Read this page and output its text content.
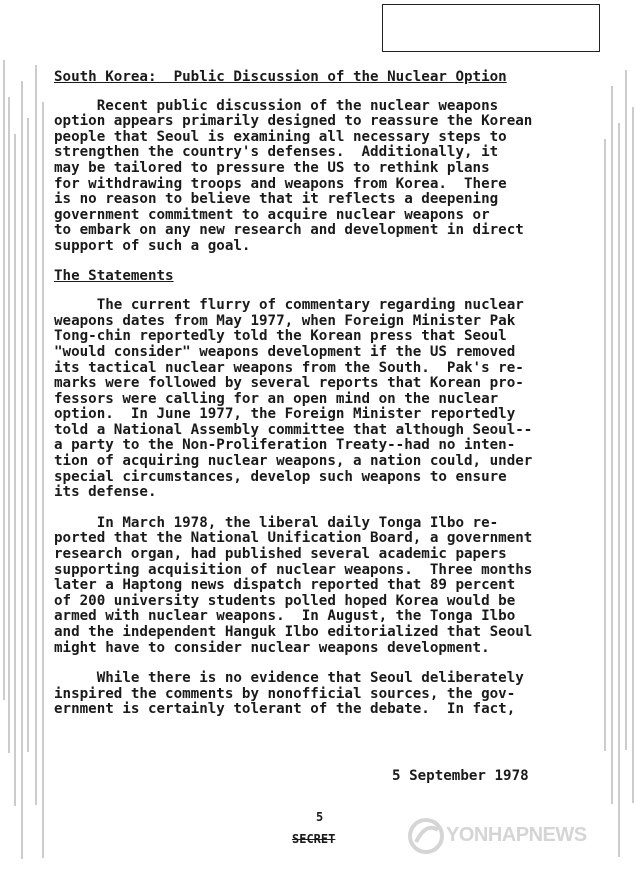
South Korea:  Public Discussion of the Nuclear Option
Recent public discussion of the nuclear weapons
option appears primarily designed to reassure the Korean
people that Seoul is examining all necessary steps to
strengthen the country's defenses.  Additionally, it
may be tailored to pressure the US to rethink plans
for withdrawing troops and weapons from Korea.  There
is no reason to believe that it reflects a deepening
government commitment to acquire nuclear weapons or
to embark on any new research and development in direct
support of such a goal.
The Statements
The current flurry of commentary regarding nuclear
weapons dates from May 1977, when Foreign Minister Pak
Tong-chin reportedly told the Korean press that Seoul
"would consider" weapons development if the US removed
its tactical nuclear weapons from the South.  Pak's re-
marks were followed by several reports that Korean pro-
fessors were calling for an open mind on the nuclear
option.  In June 1977, the Foreign Minister reportedly
told a National Assembly committee that although Seoul--
a party to the Non-Proliferation Treaty--had no inten-
tion of acquiring nuclear weapons, a nation could, under
special circumstances, develop such weapons to ensure
its defense.
In March 1978, the liberal daily Tonga Ilbo re-
ported that the National Unification Board, a government
research organ, had published several academic papers
supporting acquisition of nuclear weapons.  Three months
later a Haptong news dispatch reported that 89 percent
of 200 university students polled hoped Korea would be
armed with nuclear weapons.  In August, the Tonga Ilbo
and the independent Hanguk Ilbo editorialized that Seoul
might have to consider nuclear weapons development.
While there is no evidence that Seoul deliberately
inspired the comments by nonofficial sources, the gov-
ernment is certainly tolerant of the debate.  In fact,
5 September 1978
5
SECRET	YONHAPNEWS
